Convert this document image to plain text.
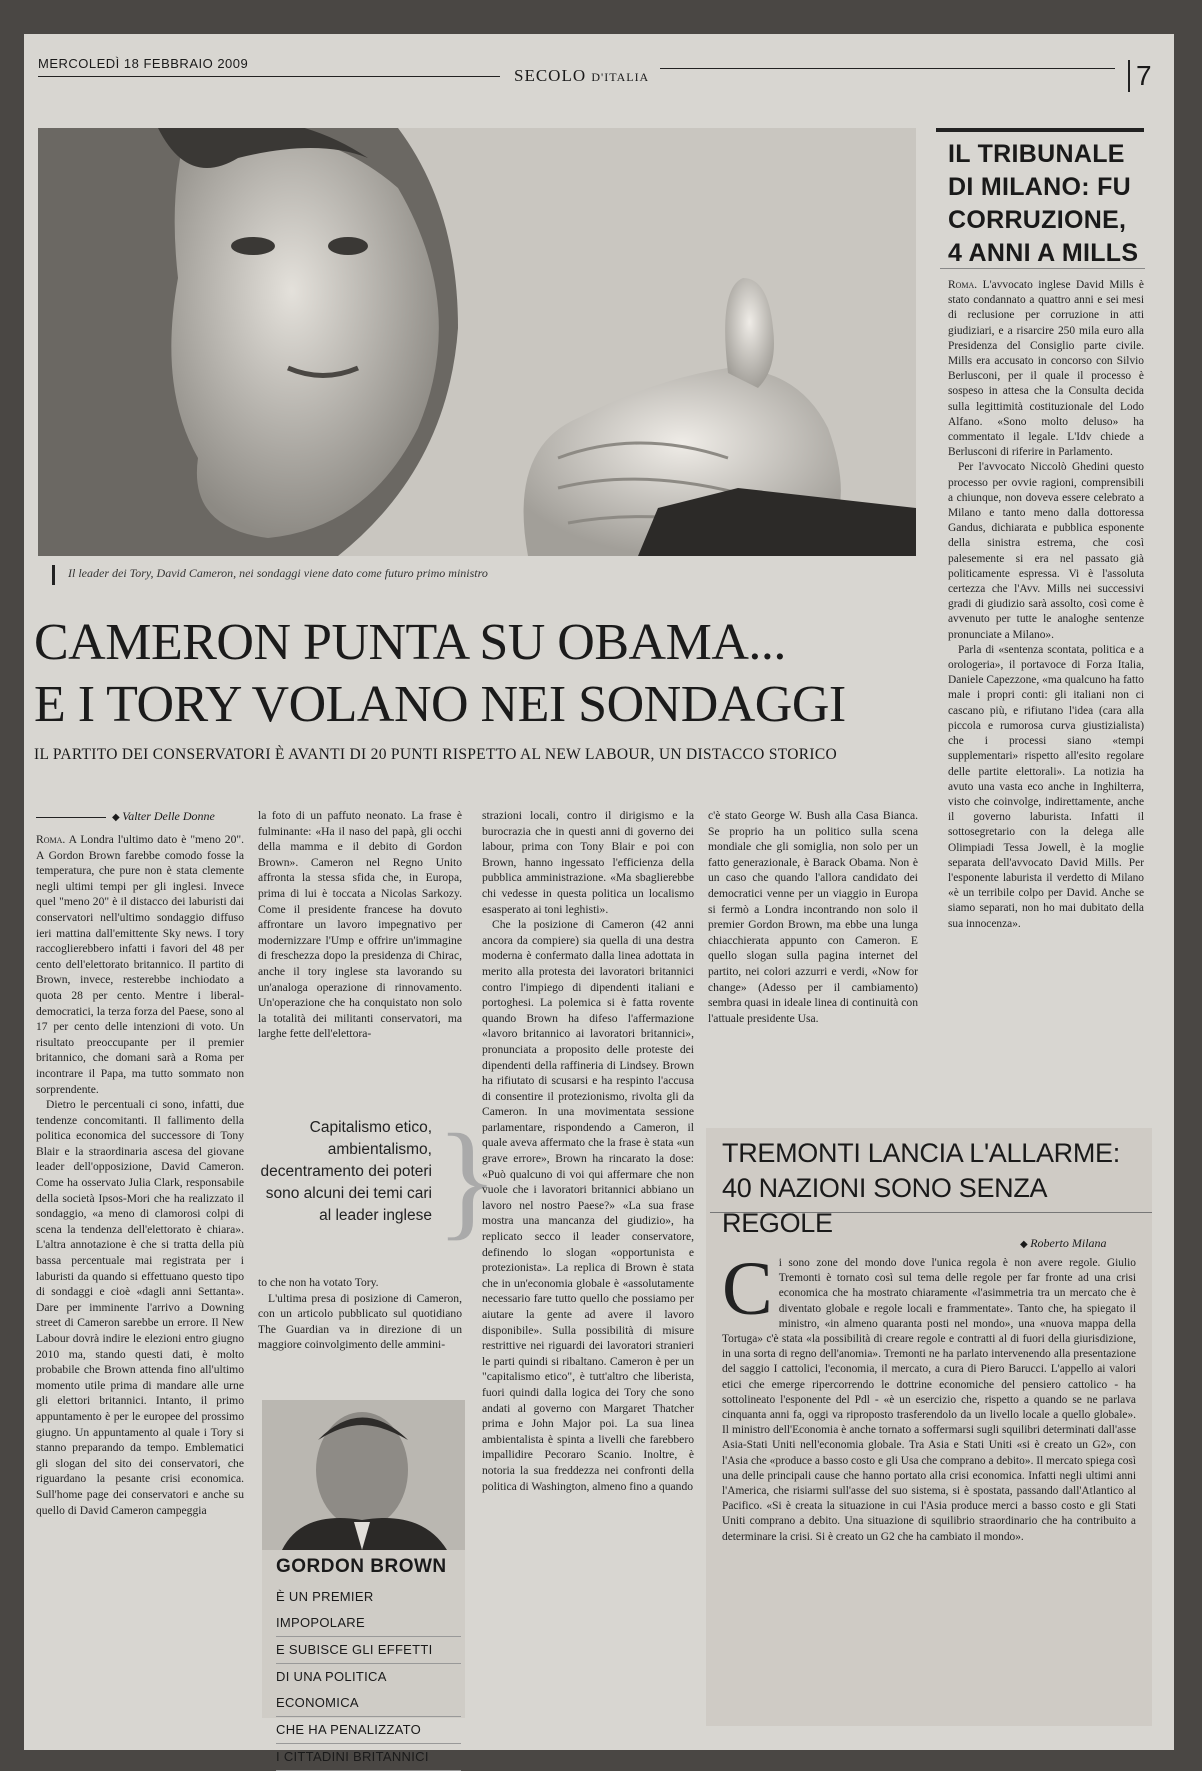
MERCOLEDÌ 18 FEBBRAIO 2009
SECOLO D'ITALIA	7
Il leader dei Tory, David Cameron, nei sondaggi viene dato come futuro primo ministro
CAMERON PUNTA SU OBAMA...
E I TORY VOLANO NEI SONDAGGI
IL PARTITO DEI CONSERVATORI È AVANTI DI 20 PUNTI RISPETTO AL NEW LABOUR, UN DISTACCO STORICO
◆ Valter Delle Donne

Roma. A Londra l'ultimo dato è "meno 20". A Gordon Brown farebbe comodo fosse la temperatura, che pure non è stata clemente negli ultimi tempi per gli inglesi. Invece quel "meno 20" è il distacco dei laburisti dai conservatori nell'ultimo sondaggio diffuso ieri mattina dall'emittente Sky news. I tory raccoglierebbero infatti i favori del 48 per cento dell'elettorato britannico. Il partito di Brown, invece, resterebbe inchiodato a quota 28 per cento. Mentre i liberal-democratici, la terza forza del Paese, sono al 17 per cento delle intenzioni di voto. Un risultato preoccupante per il premier britannico, che domani sarà a Roma per incontrare il Papa, ma tutto sommato non sorprendente.

Dietro le percentuali ci sono, infatti, due tendenze concomitanti. Il fallimento della politica economica del successore di Tony Blair e la straordinaria ascesa del giovane leader dell'opposizione, David Cameron. Come ha osservato Julia Clark, responsabile della società Ipsos-Mori che ha realizzato il sondaggio, «a meno di clamorosi colpi di scena la tendenza dell'elettorato è chiara». L'altra annotazione è che si tratta della più bassa percentuale mai registrata per i laburisti da quando si effettuano questo tipo di sondaggi e cioè «dagli anni Settanta». Dare per imminente l'arrivo a Downing street di Cameron sarebbe un errore. Il New Labour dovrà indire le elezioni entro giugno 2010 ma, stando questi dati, è molto probabile che Brown attenda fino all'ultimo momento utile prima di mandare alle urne gli elettori britannici. Intanto, il primo appuntamento è per le europee del prossimo giugno. Un appuntamento al quale i Tory si stanno preparando da tempo. Emblematici gli slogan del sito dei conservatori, che riguardano la pesante crisi economica. Sull'home page dei conservatori e anche su quello di David Cameron campeggia

la foto di un paffuto neonato. La frase è fulminante: «Ha il naso del papà, gli occhi della mamma e il debito di Gordon Brown». Cameron nel Regno Unito affronta la stessa sfida che, in Europa, prima di lui è toccata a Nicolas Sarkozy. Come il presidente francese ha dovuto affrontare un lavoro impegnativo per modernizzare l'Ump e offrire un'immagine di freschezza dopo la presidenza di Chirac, anche il tory inglese sta lavorando su un'analoga operazione di rinnovamento. Un'operazione che ha conquistato non solo la totalità dei militanti conservatori, ma larghe fette dell'elettora-

Capitalismo etico, ambientalismo, decentramento dei poteri sono alcuni dei temi cari al leader inglese }

to che non ha votato Tory.

L'ultima presa di posizione di Cameron, con un articolo pubblicato sul quotidiano The Guardian va in direzione di un maggiore coinvolgimento delle ammini-

GORDON BROWN
È UN PREMIER IMPOPOLARE
E SUBISCE GLI EFFETTI
DI UNA POLITICA ECONOMICA
CHE HA PENALIZZATO
I CITTADINI BRITANNICI

strazioni locali, contro il dirigismo e la burocrazia che in questi anni di governo dei labour, prima con Tony Blair e poi con Brown, hanno ingessato l'efficienza della pubblica amministrazione. «Ma sbaglierebbe chi vedesse in questa politica un localismo esasperato ai toni leghisti».

Che la posizione di Cameron (42 anni ancora da compiere) sia quella di una destra moderna è confermato dalla linea adottata in merito alla protesta dei lavoratori britannici contro l'impiego di dipendenti italiani e portoghesi. La polemica si è fatta rovente quando Brown ha difeso l'affermazione «lavoro britannico ai lavoratori britannici», pronunciata a proposito delle proteste dei dipendenti della raffineria di Lindsey. Brown ha rifiutato di scusarsi e ha respinto l'accusa di consentire il protezionismo, rivolta gli da Cameron. In una movimentata sessione parlamentare, rispondendo a Cameron, il quale aveva affermato che la frase è stata «un grave errore», Brown ha rincarato la dose: «Può qualcuno di voi qui affermare che non vuole che i lavoratori britannici abbiano un lavoro nel nostro Paese?» «La sua frase mostra una mancanza del giudizio», ha replicato secco il leader conservatore, definendo lo slogan «opportunista e protezionista». La replica di Brown è stata che in un'economia globale è «assolutamente necessario fare tutto quello che possiamo per aiutare la gente ad avere il lavoro disponibile». Sulla possibilità di misure restrittive nei riguardi dei lavoratori stranieri le parti quindi si ribaltano. Cameron è per un "capitalismo etico", è tutt'altro che liberista, fuori quindi dalla logica dei Tory che sono andati al governo con Margaret Thatcher prima e John Major poi. La sua linea ambientalista è spinta a livelli che farebbero impallidire Pecoraro Scanio. Inoltre, è notoria la sua freddezza nei confronti della politica di Washington, almeno fino a quando

c'è stato George W. Bush alla Casa Bianca. Se proprio ha un politico sulla scena mondiale che gli somiglia, non solo per un fatto generazionale, è Barack Obama. Non è un caso che quando l'allora candidato dei democratici venne per un viaggio in Europa si fermò a Londra incontrando non solo il premier Gordon Brown, ma ebbe una lunga chiacchierata appunto con Cameron. E quello slogan sulla pagina internet del partito, nei colori azzurri e verdi, «Now for change» (Adesso per il cambiamento) sembra quasi in ideale linea di continuità con l'attuale presidente Usa.

IL TRIBUNALE DI MILANO: FU CORRUZIONE, 4 ANNI A MILLS

Roma. L'avvocato inglese David Mills è stato condannato a quattro anni e sei mesi di reclusione per corruzione in atti giudiziari, e a risarcire 250 mila euro alla Presidenza del Consiglio parte civile. Mills era accusato in concorso con Silvio Berlusconi, per il quale il processo è sospeso in attesa che la Consulta decida sulla legittimità costituzionale del Lodo Alfano. «Sono molto deluso» ha commentato il legale. L'Idv chiede a Berlusconi di riferire in Parlamento.

Per l'avvocato Niccolò Ghedini questo processo per ovvie ragioni, comprensibili a chiunque, non doveva essere celebrato a Milano e tanto meno dalla dottoressa Gandus, dichiarata e pubblica esponente della sinistra estrema, che così palesemente si era nel passato già politicamente espressa. Vi è l'assoluta certezza che l'Avv. Mills nei successivi gradi di giudizio sarà assolto, così come è avvenuto per tutte le analoghe sentenze pronunciate a Milano».

Parla di «sentenza scontata, politica e a orologeria», il portavoce di Forza Italia, Daniele Capezzone, «ma qualcuno ha fatto male i propri conti: gli italiani non ci cascano più, e rifiutano l'idea (cara alla piccola e rumorosa curva giustizialista) che i processi siano «tempi supplementari» rispetto all'esito regolare delle partite elettorali». La notizia ha avuto una vasta eco anche in Inghilterra, visto che coinvolge, indirettamente, anche il governo laburista. Infatti il sottosegretario con la delega alle Olimpiadi Tessa Jowell, è la moglie separata dell'avvocato David Mills. Per l'esponente laburista il verdetto di Milano «è un terribile colpo per David. Anche se siamo separati, non ho mai dubitato della sua innocenza».

TREMONTI LANCIA L'ALLARME:
40 NAZIONI SONO SENZA REGOLE
◆ Roberto Milana

Ci sono zone del mondo dove l'unica regola è non avere regole. Giulio Tremonti è tornato così sul tema delle regole per far fronte ad una crisi economica che ha mostrato chiaramente «l'asimmetria tra un mercato che è diventato globale e regole locali e frammentate». Tanto che, ha spiegato il ministro, «in almeno quaranta posti nel mondo», una «nuova mappa della Tortuga» c'è stata «la possibilità di creare regole e contratti al di fuori della giurisdizione, in una sorta di regno dell'anomia». Tremonti ne ha parlato intervenendo alla presentazione del saggio I cattolici, l'economia, il mercato, a cura di Piero Barucci. L'appello ai valori etici che emerge ripercorrendo le dottrine economiche del pensiero cattolico - ha sottolineato l'esponente del Pdl - «è un esercizio che, rispetto a quando se ne parlava cinquanta anni fa, oggi va riproposto trasferendolo da un livello locale a quello globale». Il ministro dell'Economia è anche tornato a soffermarsi sugli squilibri determinati dall'asse Asia-Stati Uniti nell'economia globale. Tra Asia e Stati Uniti «si è creato un G2», con l'Asia che «produce a basso costo e gli Usa che comprano a debito». Il mercato spiega così una delle principali cause che hanno portato alla crisi economica. Infatti negli ultimi anni l'America, che risiarmi sull'asse del suo sistema, si è spostata, passando dall'Atlantico al Pacifico. «Si è creata la situazione in cui l'Asia produce merci a basso costo e gli Stati Uniti comprano a debito. Una situazione di squilibrio straordinario che ha contribuito a determinare la crisi. Si è creato un G2 che ha cambiato il mondo».
